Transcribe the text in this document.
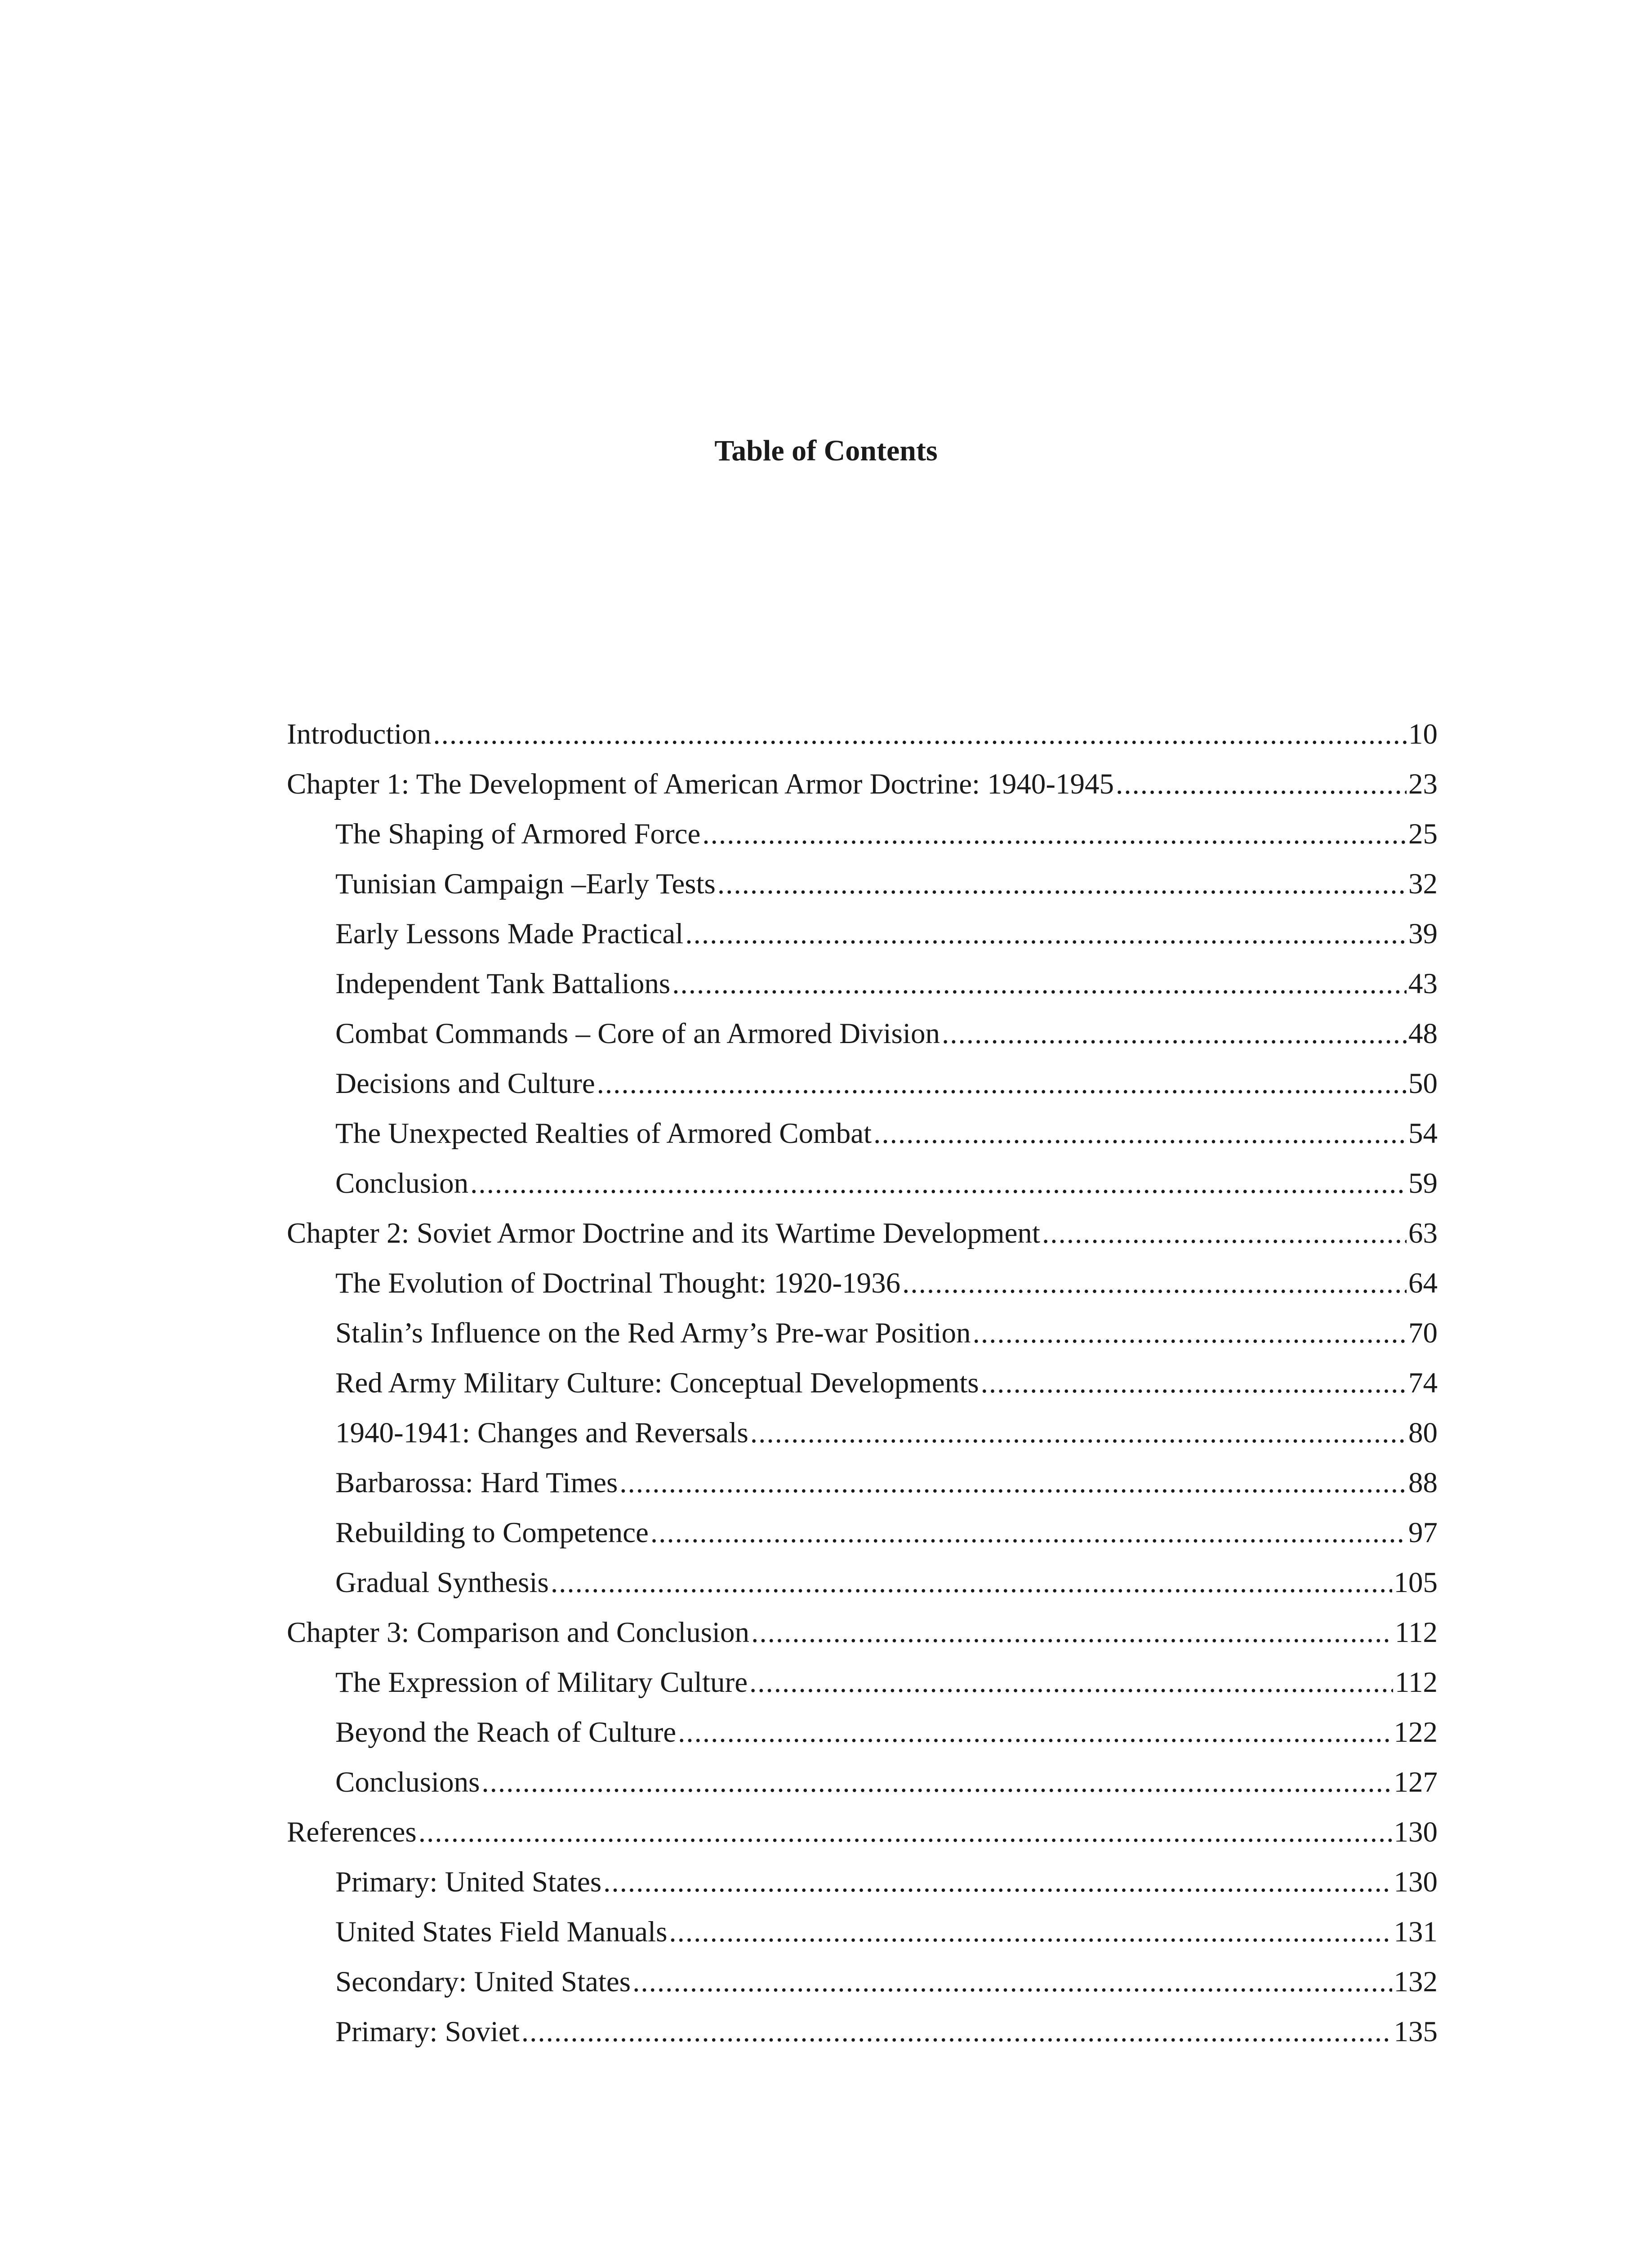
Table of Contents
Introduction .....	10
Chapter 1: The Development of American Armor Doctrine: 1940-1945 .....	23
The Shaping of Armored Force .....	25
Tunisian Campaign –Early Tests .....	32
Early Lessons Made Practical .....	39
Independent Tank Battalions .....	43
Combat Commands – Core of an Armored Division .....	48
Decisions and Culture .....	50
The Unexpected Realties of Armored Combat .....	54
Conclusion .....	59
Chapter 2: Soviet Armor Doctrine and its Wartime Development .....	63
The Evolution of Doctrinal Thought: 1920-1936 .....	64
Stalin’s Influence on the Red Army’s Pre-war Position .....	70
Red Army Military Culture: Conceptual Developments .....	74
1940-1941: Changes and Reversals .....	80
Barbarossa: Hard Times .....	88
Rebuilding to Competence .....	97
Gradual Synthesis .....	105
Chapter 3: Comparison and Conclusion .....	112
The Expression of Military Culture .....	112
Beyond the Reach of Culture .....	122
Conclusions .....	127
References .....	130
Primary: United States .....	130
United States Field Manuals .....	131
Secondary: United States .....	132
Primary: Soviet .....	135
